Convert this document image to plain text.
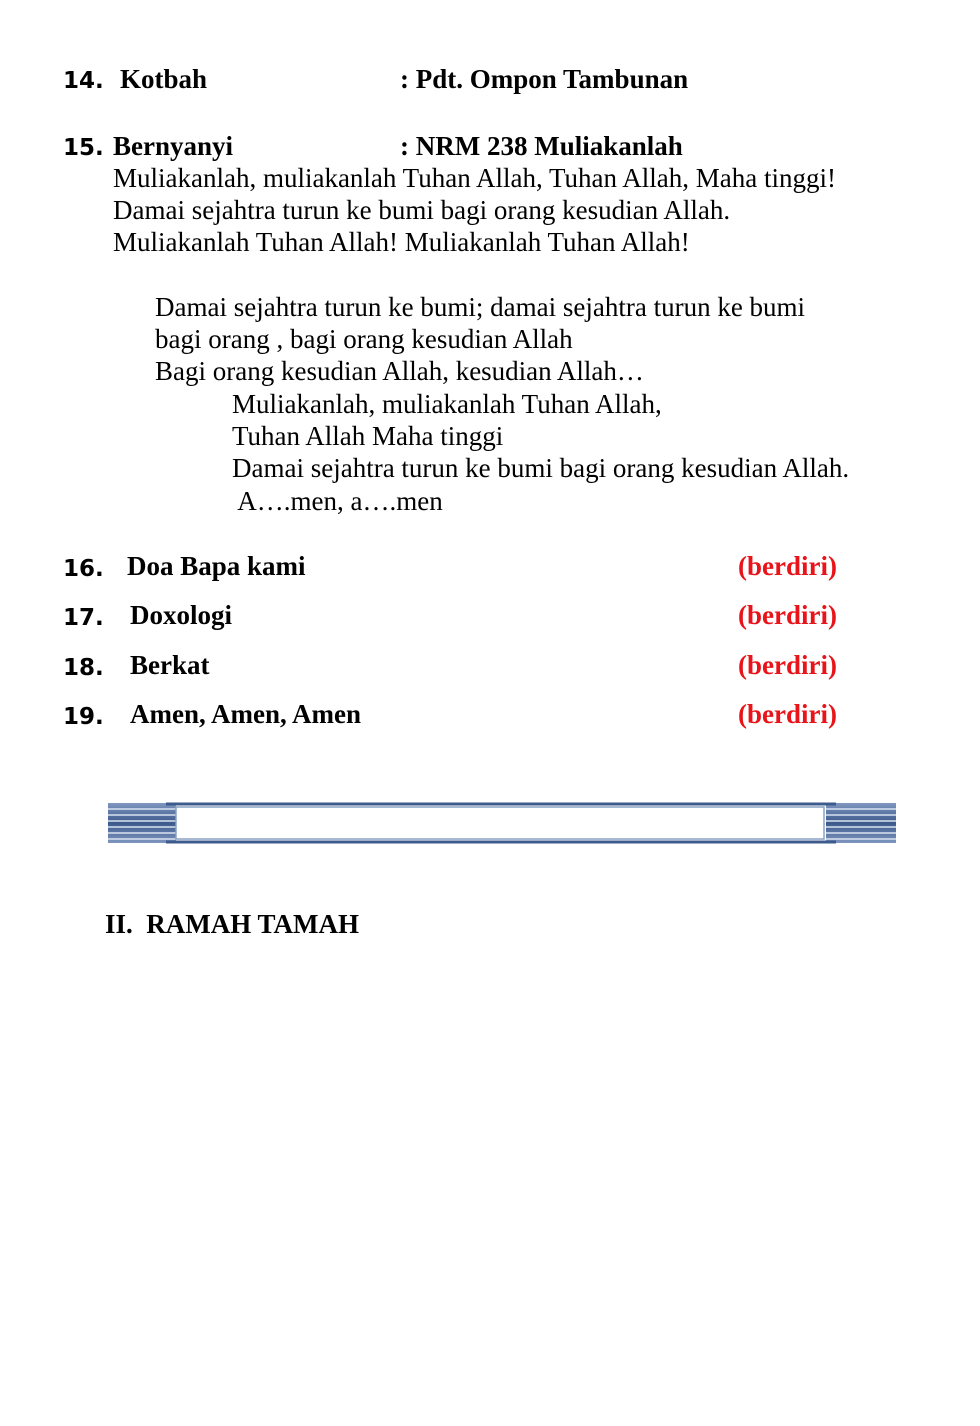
14. Kotbah	: Pdt. Ompon Tambunan
15. Bernyanyi	: NRM 238 Muliakanlah
Muliakanlah, muliakanlah Tuhan Allah, Tuhan Allah, Maha tinggi!
Damai sejahtra turun ke bumi bagi orang kesudian Allah.
Muliakanlah Tuhan Allah! Muliakanlah Tuhan Allah!
Damai sejahtra turun ke bumi; damai sejahtra turun ke bumi
bagi orang , bagi orang kesudian Allah
Bagi orang kesudian Allah, kesudian Allah…
Muliakanlah, muliakanlah Tuhan Allah,
Tuhan Allah Maha tinggi
Damai sejahtra turun ke bumi bagi orang kesudian Allah.
A….men, a….men
16. Doa Bapa kami	(berdiri)
17. Doxologi	(berdiri)
18. Berkat	(berdiri)
19. Amen, Amen, Amen	(berdiri)
II.  RAMAH TAMAH
